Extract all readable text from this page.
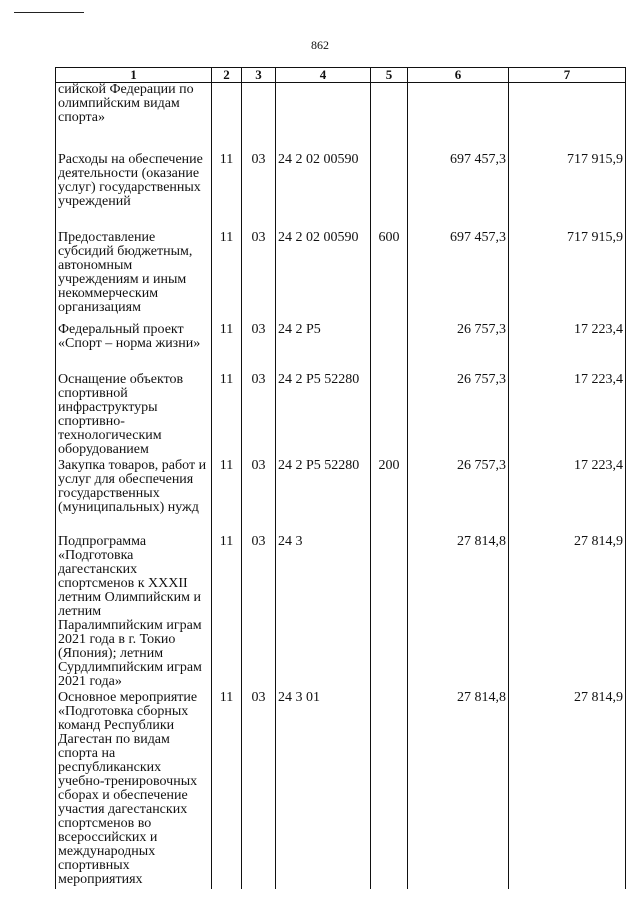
862
1	2	3	4	5	6	7
сийской Федерации по олимпийским видам спорта»						
Расходы на обеспечение деятельности (оказание услуг) государственных учреждений	11	03	24 2 02 00590		697 457,3	717 915,9
Предоставление субсидий бюджетным, автономным учреждениям и иным некоммерческим организациям	11	03	24 2 02 00590	600	697 457,3	717 915,9
Федеральный проект «Спорт – норма жизни»	11	03	24 2 Р5		26 757,3	17 223,4
Оснащение объектов спортивной инфраструктуры спортивно-технологическим оборудованием	11	03	24 2 Р5 52280		26 757,3	17 223,4
Закупка товаров, работ и услуг для обеспечения государственных (муниципальных) нужд	11	03	24 2 Р5 52280	200	26 757,3	17 223,4
Подпрограмма «Подготовка дагестанских спортсменов к XXXII летним Олимпийским и летним Паралимпийским играм 2021 года в г. Токио (Япония); летним Сурдлимпийским играм 2021 года»	11	03	24 3		27 814,8	27 814,9
Основное мероприятие «Подготовка сборных команд Республики Дагестан по видам спорта на республиканских учебно-тренировочных сборах и обеспечение участия дагестанских спортсменов во всероссийских и международных спортивных мероприятиях	11	03	24 3 01		27 814,8	27 814,9
